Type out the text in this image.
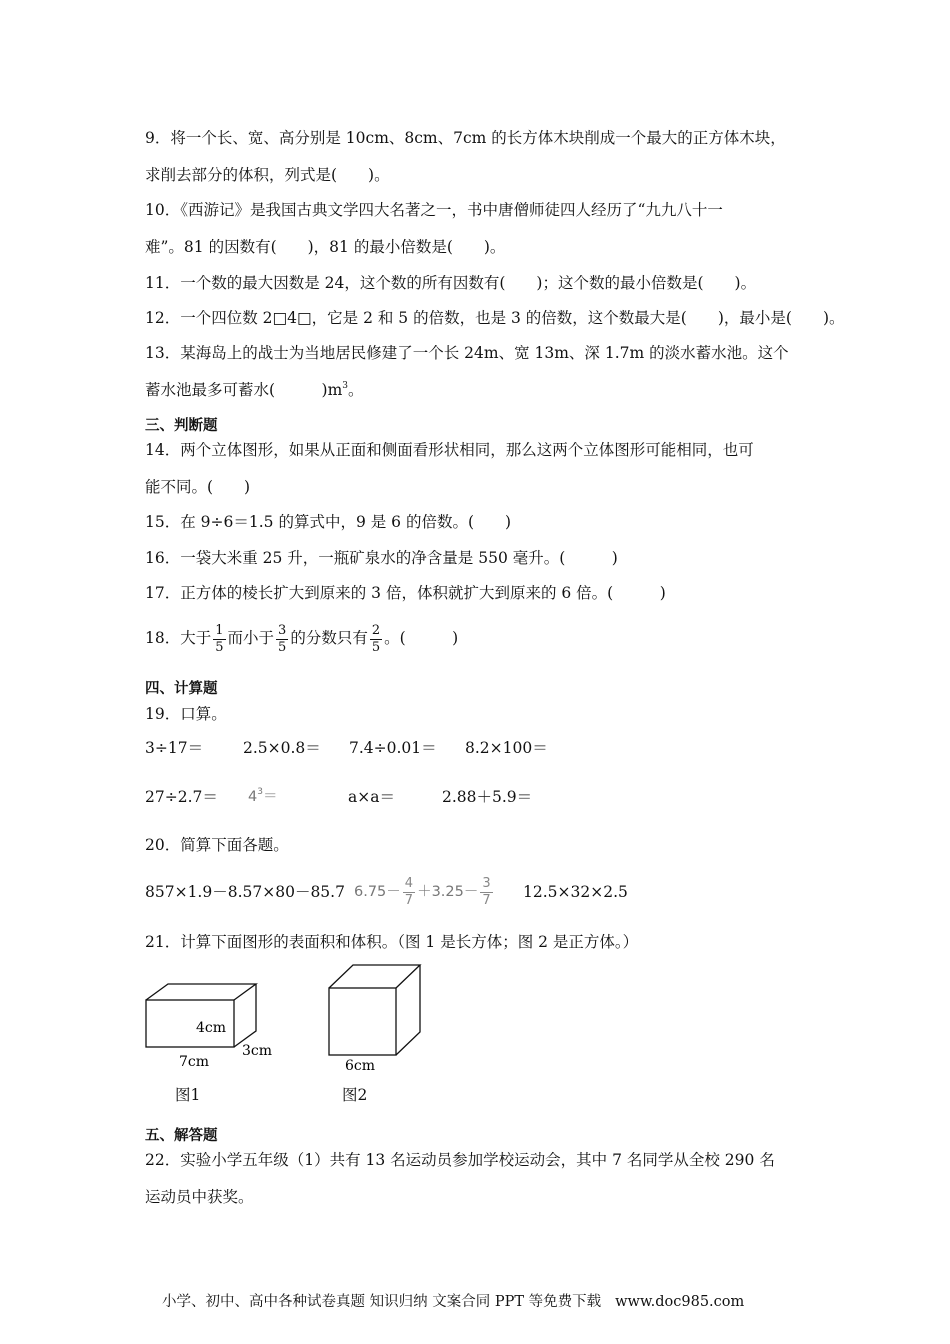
9．将一个长、宽、高分别是 10cm、8cm、7cm 的长方体木块削成一个最大的正方体木块，
求削去部分的体积，列式是(　　)。
10．《西游记》是我国古典文学四大名著之一，书中唐僧师徒四人经历了“九九八十一
难”。81 的因数有(　　)，81 的最小倍数是(　　)。
11．一个数的最大因数是 24，这个数的所有因数有(　　)；这个数的最小倍数是(　　)。
12．一个四位数 2□4□，它是 2 和 5 的倍数，也是 3 的倍数，这个数最大是(　　)，最小是(　　)。
13．某海岛上的战士为当地居民修建了一个长 24m、宽 13m、深 1.7m 的淡水蓄水池。这个
蓄水池最多可蓄水(　　　)$m^3$。
三、判断题
14．两个立体图形，如果从正面和侧面看形状相同，那么这两个立体图形可能相同，也可
能不同。(　　)
15．在 9÷6＝1.5 的算式中，9 是 6 的倍数。(　　)
16．一袋大米重 25 升，一瓶矿泉水的净含量是 550 毫升。(　　　)
17．正方体的棱长扩大到原来的 3 倍，体积就扩大到原来的 6 倍。(　　　)
18．大于 $\frac{1}{5}$ 而小于 $\frac{3}{5}$ 的分数只有 $\frac{2}{5}$ 。(　　　)
四、计算题
19．口算。
3÷17＝	2.5×0.8＝ 7.4÷0.01＝ 8.2×100＝
$27\div 2.7= 4^3=$	a×a＝	2.88＋5.9＝
20．简算下面各题。
857×1.9－8.57×80－85.7 $6.75- \frac{4}{7} +3.25- \frac{3}{7} 12.5\times 32\times 2.5$
21．计算下面图形的表面积和体积。（图 1 是长方体；图 2 是正方体。）
4cm
7cm
3cm
图1
6cm
图2
五、解答题
22．实验小学五年级（1）共有 13 名运动员参加学校运动会，其中 7 名同学从全校 290 名
运动员中获奖。
小学、初中、高中各种试卷真题 知识归纳 文案合同 PPT 等免费下载 www.doc985.com
